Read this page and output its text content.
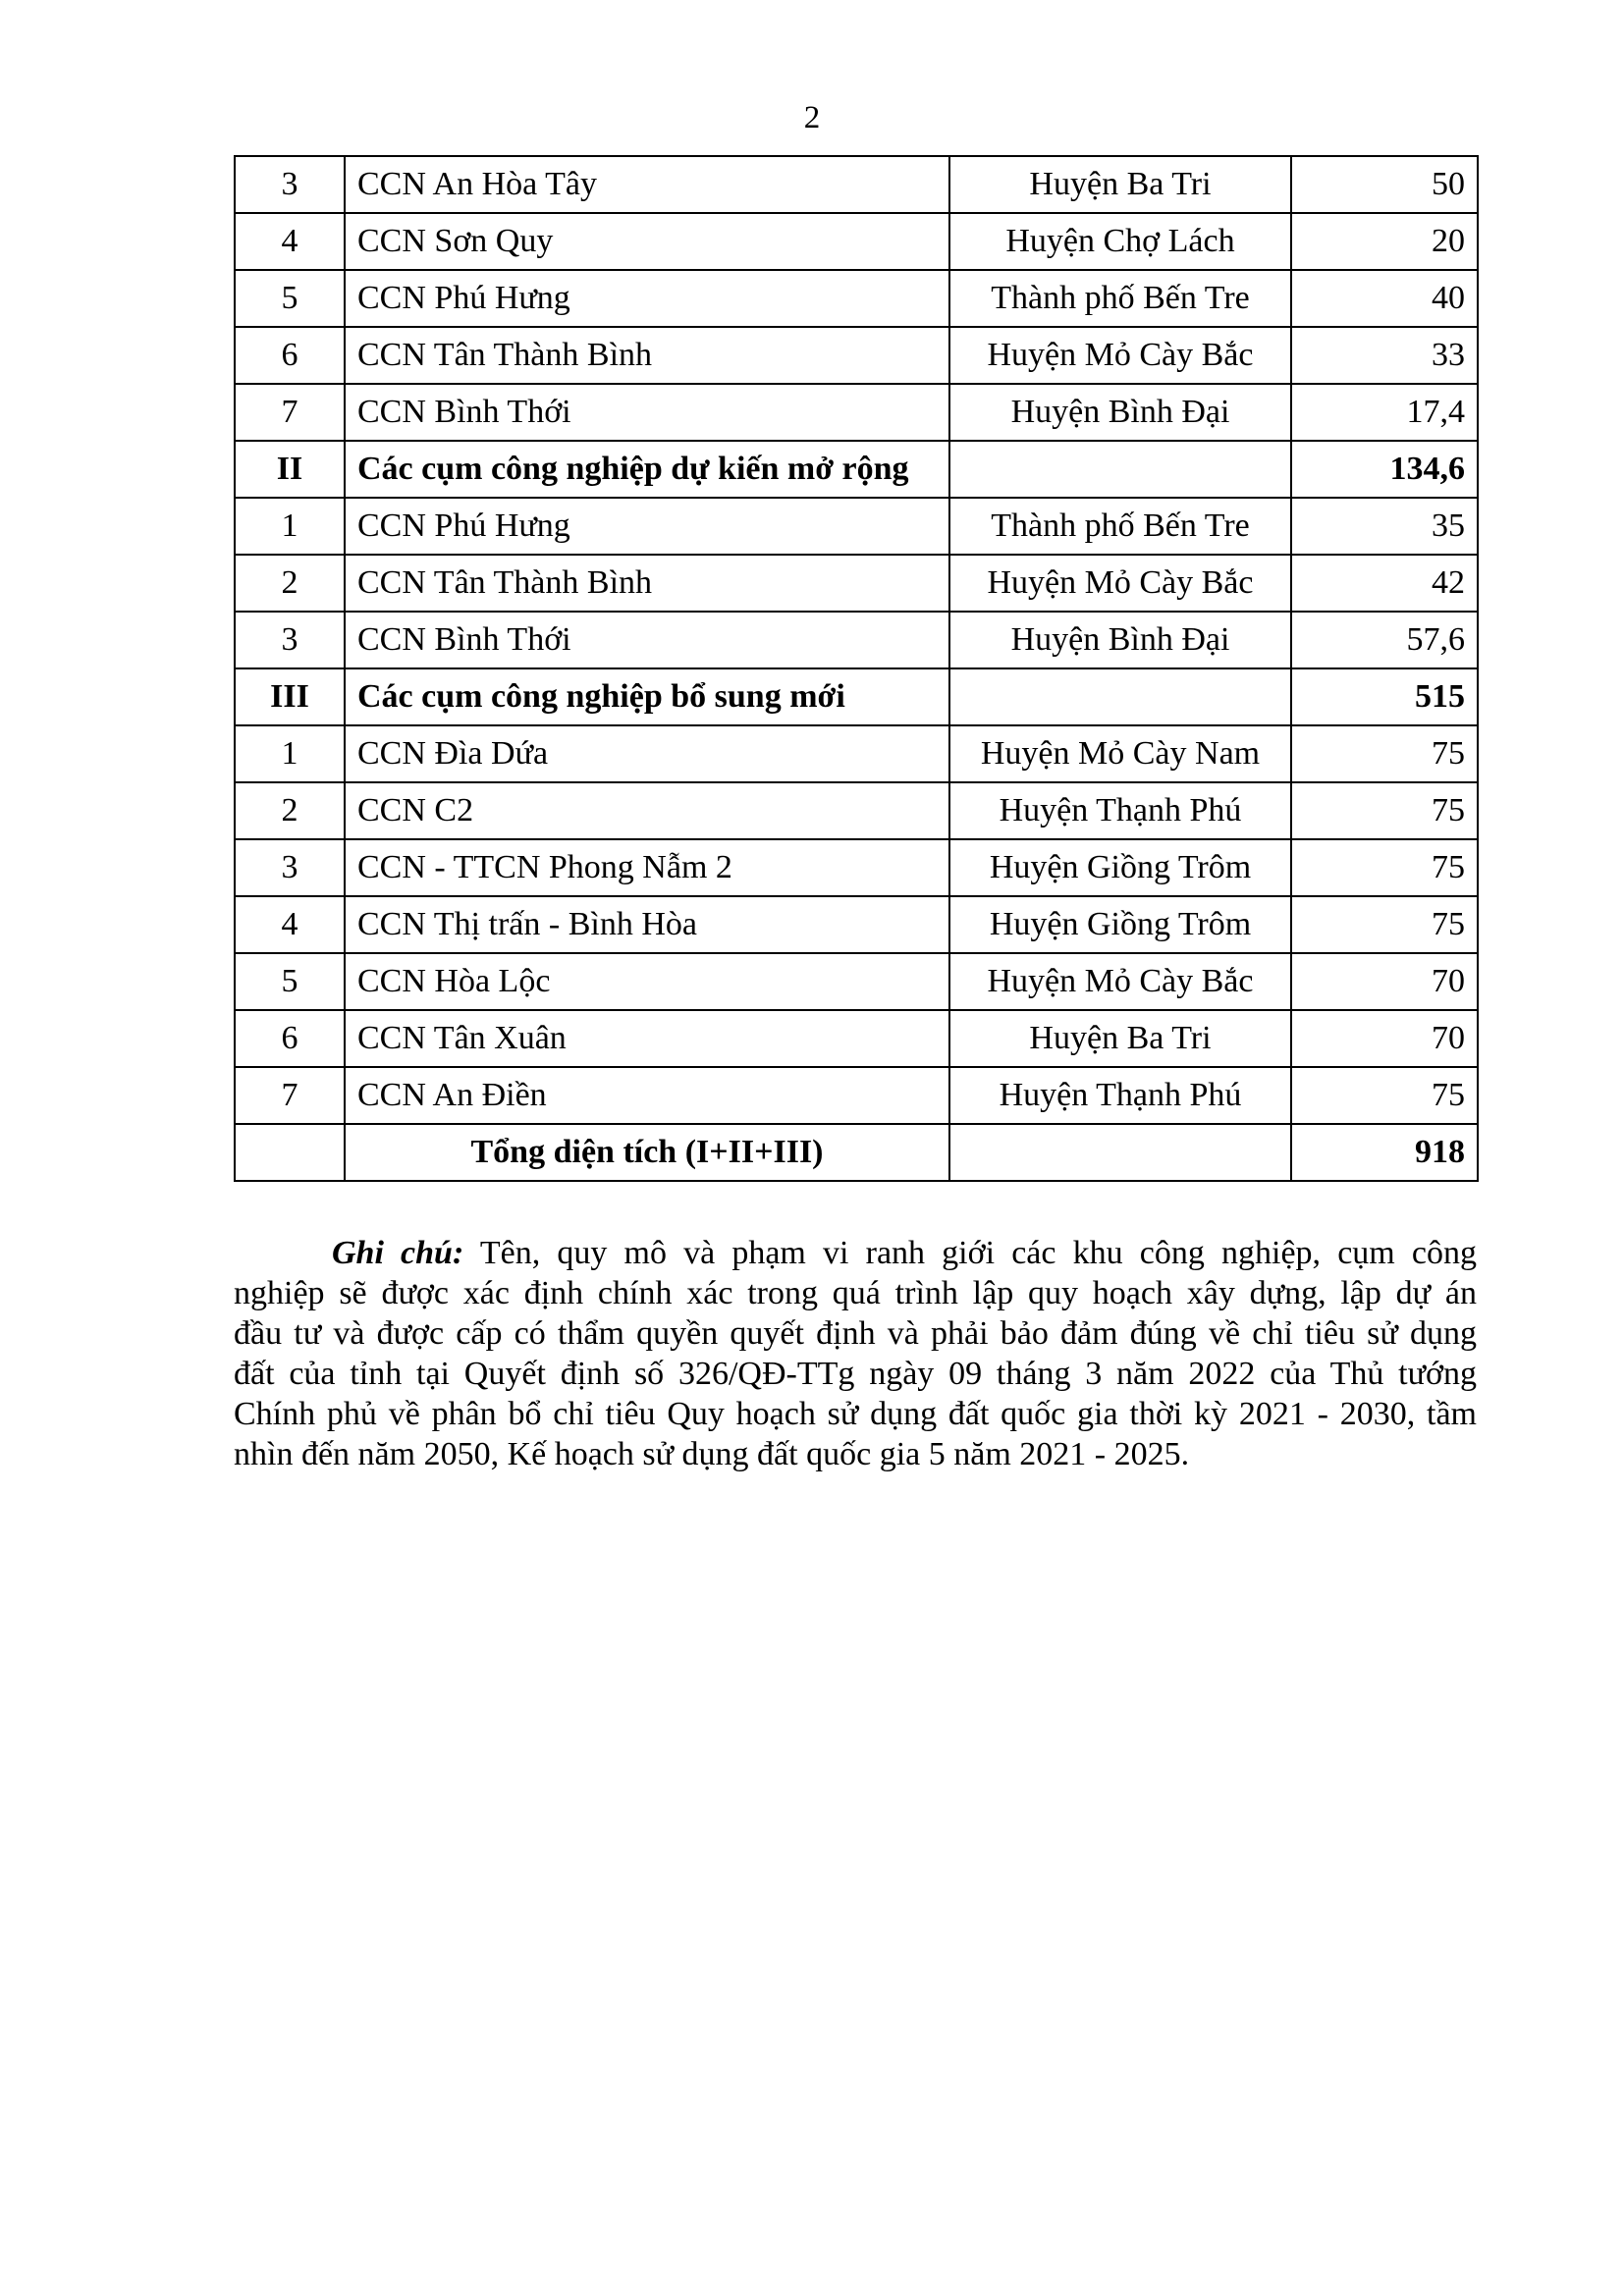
2
3	CCN An Hòa Tây	Huyện Ba Tri	50
4	CCN Sơn Quy	Huyện Chợ Lách	20
5	CCN Phú Hưng	Thành phố Bến Tre	40
6	CCN Tân Thành Bình	Huyện Mỏ Cày Bắc	33
7	CCN Bình Thới	Huyện Bình Đại	17,4
II	Các cụm công nghiệp dự kiến mở rộng		134,6
1	CCN Phú Hưng	Thành phố Bến Tre	35
2	CCN Tân Thành Bình	Huyện Mỏ Cày Bắc	42
3	CCN Bình Thới	Huyện Bình Đại	57,6
III	Các cụm công nghiệp bổ sung mới		515
1	CCN Đìa Dứa	Huyện Mỏ Cày Nam	75
2	CCN C2	Huyện Thạnh Phú	75
3	CCN - TTCN Phong Nẫm 2	Huyện Giồng Trôm	75
4	CCN Thị trấn - Bình Hòa	Huyện Giồng Trôm	75
5	CCN Hòa Lộc	Huyện Mỏ Cày Bắc	70
6	CCN Tân Xuân	Huyện Ba Tri	70
7	CCN An Điền	Huyện Thạnh Phú	75
	Tổng diện tích (I+II+III)		918
Ghi chú: Tên, quy mô và phạm vi ranh giới các khu công nghiệp, cụm công
nghiệp sẽ được xác định chính xác trong quá trình lập quy hoạch xây dựng, lập dự án
đầu tư và được cấp có thẩm quyền quyết định và phải bảo đảm đúng về chỉ tiêu sử dụng
đất của tỉnh tại Quyết định số 326/QĐ-TTg ngày 09 tháng 3 năm 2022 của Thủ tướng
Chính phủ về phân bổ chỉ tiêu Quy hoạch sử dụng đất quốc gia thời kỳ 2021 - 2030, tầm
nhìn đến năm 2050, Kế hoạch sử dụng đất quốc gia 5 năm 2021 - 2025.
